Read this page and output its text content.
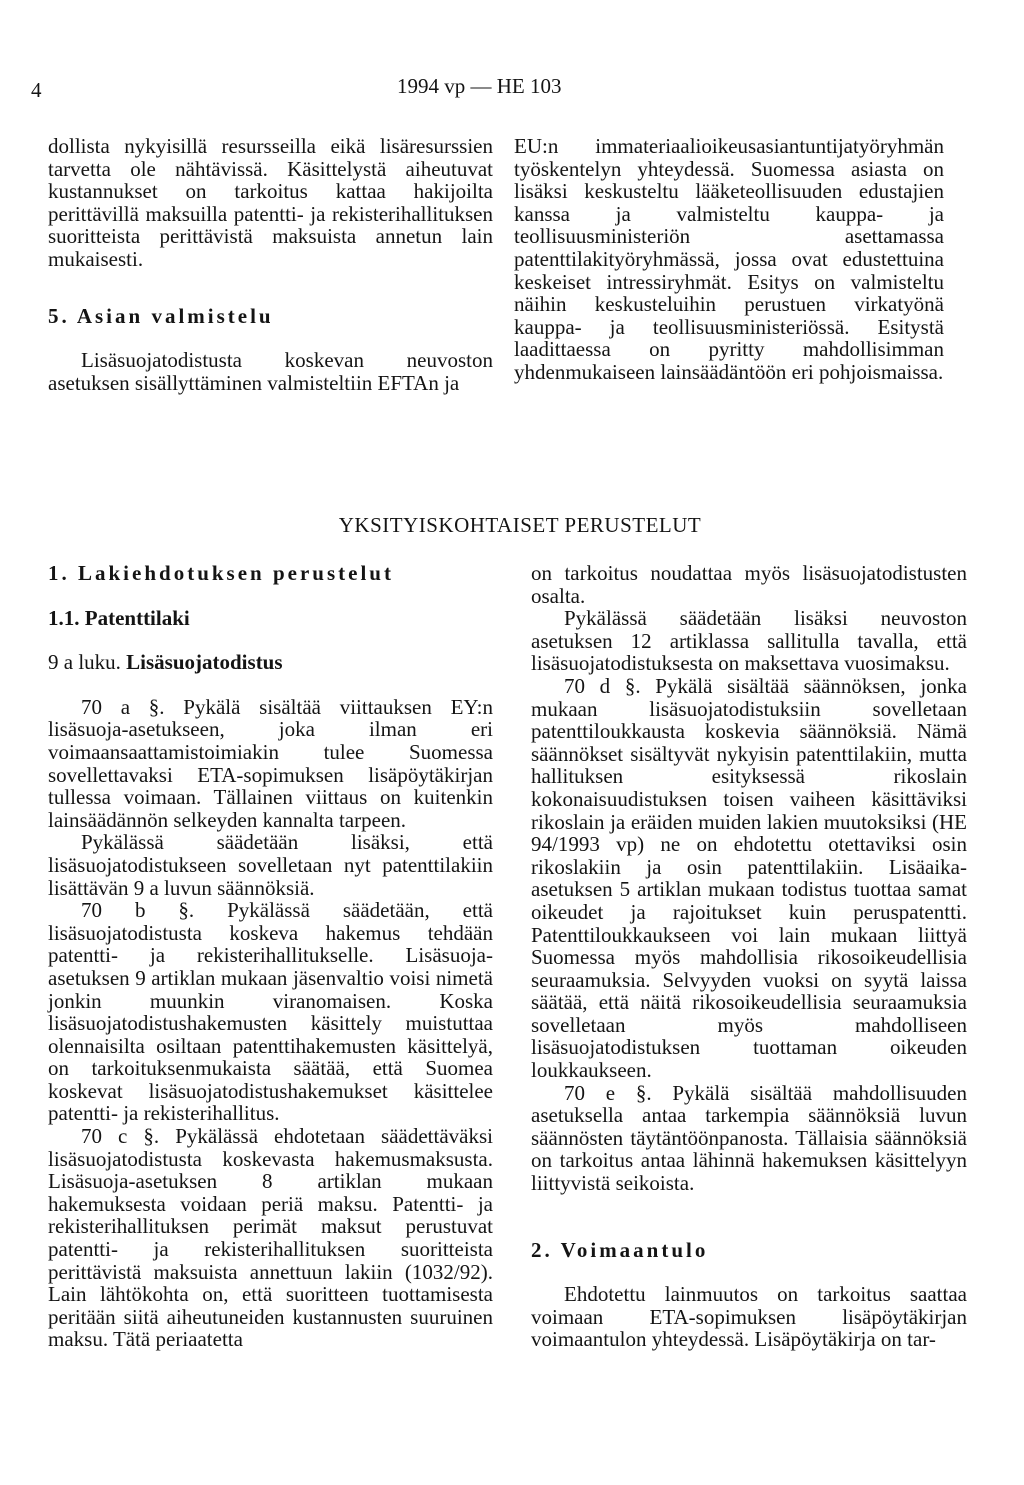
4	1994 vp — HE 103

dollista nykyisillä resursseilla eikä lisäresurssien tarvetta ole nähtävissä. Käsittelystä aiheutuvat kustannukset on tarkoitus kattaa hakijoilta perittävillä maksuilla patentti- ja rekisterihallituksen suoritteista perittävistä maksuista annetun lain mukaisesti.

5. Asian valmistelu

Lisäsuojatodistusta koskevan neuvoston asetuksen sisällyttäminen valmisteltiin EFTAn ja

EU:n immateriaalioikeusasiantuntijatyöryhmän työskentelyn yhteydessä. Suomessa asiasta on lisäksi keskusteltu lääketeollisuuden edustajien kanssa ja valmisteltu kauppa- ja teollisuusministeriön asettamassa patenttilakityöryhmässä, jossa ovat edustettuina keskeiset intressiryhmät. Esitys on valmisteltu näihin keskusteluihin perustuen virkatyönä kauppa- ja teollisuusministeriössä. Esitystä laadittaessa on pyritty mahdollisimman yhdenmukaiseen lainsäädäntöön eri pohjoismaissa.

YKSITYISKOHTAISET PERUSTELUT

1. Lakiehdotuksen perustelut

1.1. Patenttilaki

9 a luku. Lisäsuojatodistus

70 a §. Pykälä sisältää viittauksen EY:n lisäsuoja-asetukseen, joka ilman eri voimaansaattamistoimiakin tulee Suomessa sovellettavaksi ETA-sopimuksen lisäpöytäkirjan tullessa voimaan. Tällainen viittaus on kuitenkin lainsäädännön selkeyden kannalta tarpeen.

Pykälässä säädetään lisäksi, että lisäsuojatodistukseen sovelletaan nyt patenttilakiin lisättävän 9 a luvun säännöksiä.

70 b §. Pykälässä säädetään, että lisäsuojatodistusta koskeva hakemus tehdään patentti- ja rekisterihallitukselle. Lisäsuoja-asetuksen 9 artiklan mukaan jäsenvaltio voisi nimetä jonkin muunkin viranomaisen. Koska lisäsuojatodistushakemusten käsittely muistuttaa olennaisilta osiltaan patenttihakemusten käsittelyä, on tarkoituksenmukaista säätää, että Suomea koskevat lisäsuojatodistushakemukset käsittelee patentti- ja rekisterihallitus.

70 c §. Pykälässä ehdotetaan säädettäväksi lisäsuojatodistusta koskevasta hakemusmaksusta. Lisäsuoja-asetuksen 8 artiklan mukaan hakemuksesta voidaan periä maksu. Patentti- ja rekisterihallituksen perimät maksut perustuvat patentti- ja rekisterihallituksen suoritteista perittävistä maksuista annettuun lakiin (1032/92). Lain lähtökohta on, että suoritteen tuottamisesta peritään siitä aiheutuneiden kustannusten suuruinen maksu. Tätä periaatetta

on tarkoitus noudattaa myös lisäsuojatodistusten osalta.

Pykälässä säädetään lisäksi neuvoston asetuksen 12 artiklassa sallitulla tavalla, että lisäsuojatodistuksesta on maksettava vuosimaksu.

70 d §. Pykälä sisältää säännöksen, jonka mukaan lisäsuojatodistuksiin sovelletaan patenttiloukkausta koskevia säännöksiä. Nämä säännökset sisältyvät nykyisin patenttilakiin, mutta hallituksen esityksessä rikoslain kokonaisuudistuksen toisen vaiheen käsittäviksi rikoslain ja eräiden muiden lakien muutoksiksi (HE 94/1993 vp) ne on ehdotettu otettaviksi osin rikoslakiin ja osin patenttilakiin. Lisäaika-asetuksen 5 artiklan mukaan todistus tuottaa samat oikeudet ja rajoitukset kuin peruspatentti. Patenttiloukkaukseen voi lain mukaan liittyä Suomessa myös mahdollisia rikosoikeudellisia seuraamuksia. Selvyyden vuoksi on syytä laissa säätää, että näitä rikosoikeudellisia seuraamuksia sovelletaan myös mahdolliseen lisäsuojatodistuksen tuottaman oikeuden loukkaukseen.

70 e §. Pykälä sisältää mahdollisuuden asetuksella antaa tarkempia säännöksiä luvun säännösten täytäntöönpanosta. Tällaisia säännöksiä on tarkoitus antaa lähinnä hakemuksen käsittelyyn liittyvistä seikoista.

2. Voimaantulo

Ehdotettu lainmuutos on tarkoitus saattaa voimaan ETA-sopimuksen lisäpöytäkirjan voimaantulon yhteydessä. Lisäpöytäkirja on tar-
